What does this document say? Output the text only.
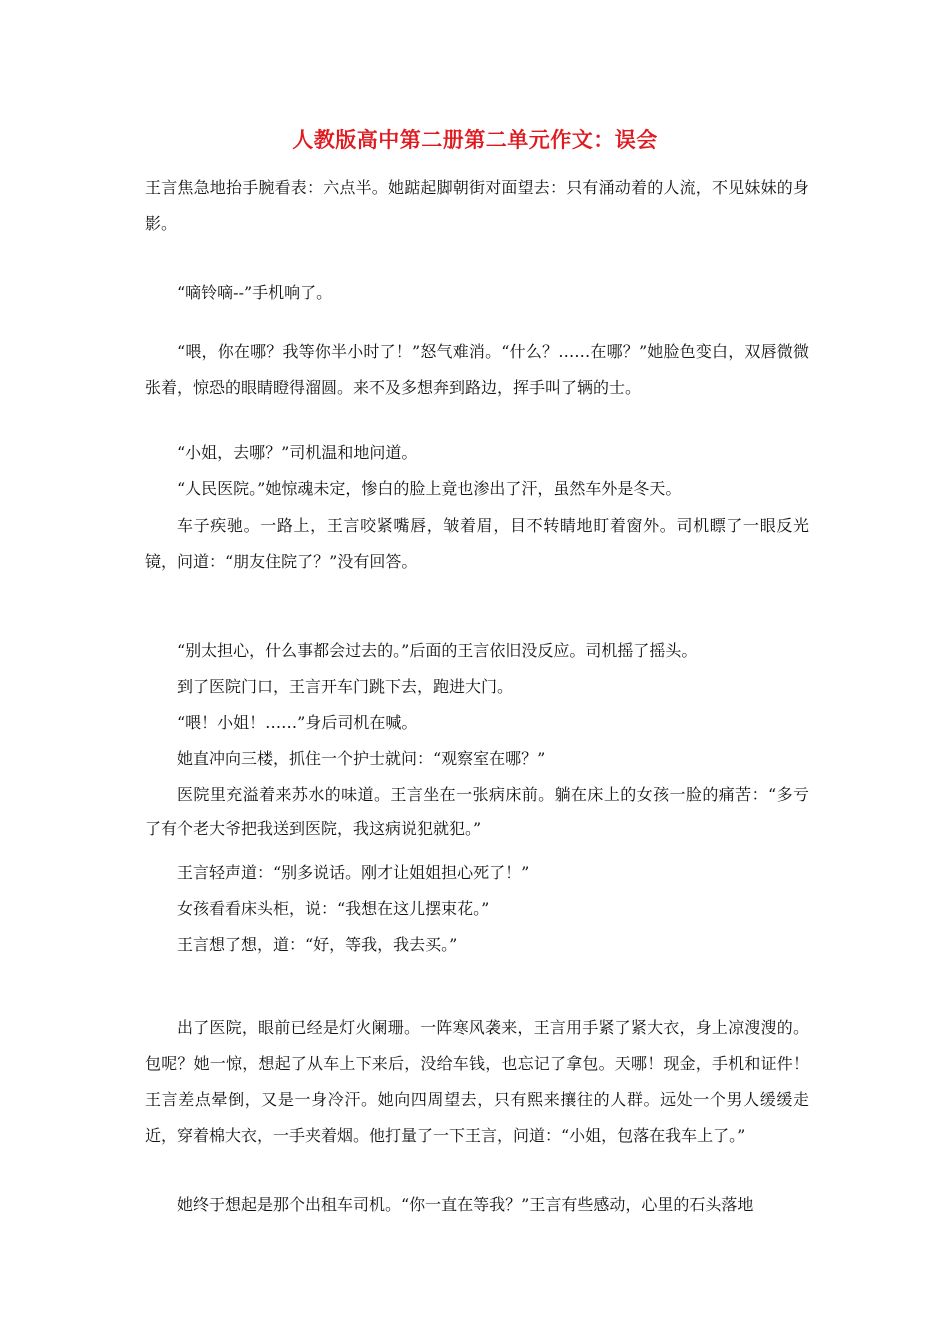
人教版高中第二册第二单元作文：误会

王言焦急地抬手腕看表：六点半。她踮起脚朝街对面望去：只有涌动着的人流，不见妹妹的身影。

“嘀铃嘀--”手机响了。

“喂，你在哪？我等你半小时了！”怒气难消。“什么？……在哪？”她脸色变白，双唇微微张着，惊恐的眼睛瞪得溜圆。来不及多想奔到路边，挥手叫了辆的士。

“小姐，去哪？”司机温和地问道。

“人民医院。”她惊魂未定，惨白的脸上竟也渗出了汗，虽然车外是冬天。

车子疾驰。一路上，王言咬紧嘴唇，皱着眉，目不转睛地盯着窗外。司机瞟了一眼反光镜，问道：“朋友住院了？”没有回答。

“别太担心，什么事都会过去的。”后面的王言依旧没反应。司机摇了摇头。

到了医院门口，王言开车门跳下去，跑进大门。

“喂！小姐！……”身后司机在喊。

她直冲向三楼，抓住一个护士就问：“观察室在哪？”

医院里充溢着来苏水的味道。王言坐在一张病床前。躺在床上的女孩一脸的痛苦：“多亏了有个老大爷把我送到医院，我这病说犯就犯。”

王言轻声道：“别多说话。刚才让姐姐担心死了！”

女孩看看床头柜，说：“我想在这儿摆束花。”

王言想了想，道：“好，等我，我去买。”

出了医院，眼前已经是灯火阑珊。一阵寒风袭来，王言用手紧了紧大衣，身上凉溲溲的。包呢？她一惊，想起了从车上下来后，没给车钱，也忘记了拿包。天哪！现金，手机和证件！王言差点晕倒，又是一身冷汗。她向四周望去，只有熙来攘往的人群。远处一个男人缓缓走近，穿着棉大衣，一手夹着烟。他打量了一下王言，问道：“小姐，包落在我车上了。”

她终于想起是那个出租车司机。“你一直在等我？”王言有些感动，心里的石头落地
